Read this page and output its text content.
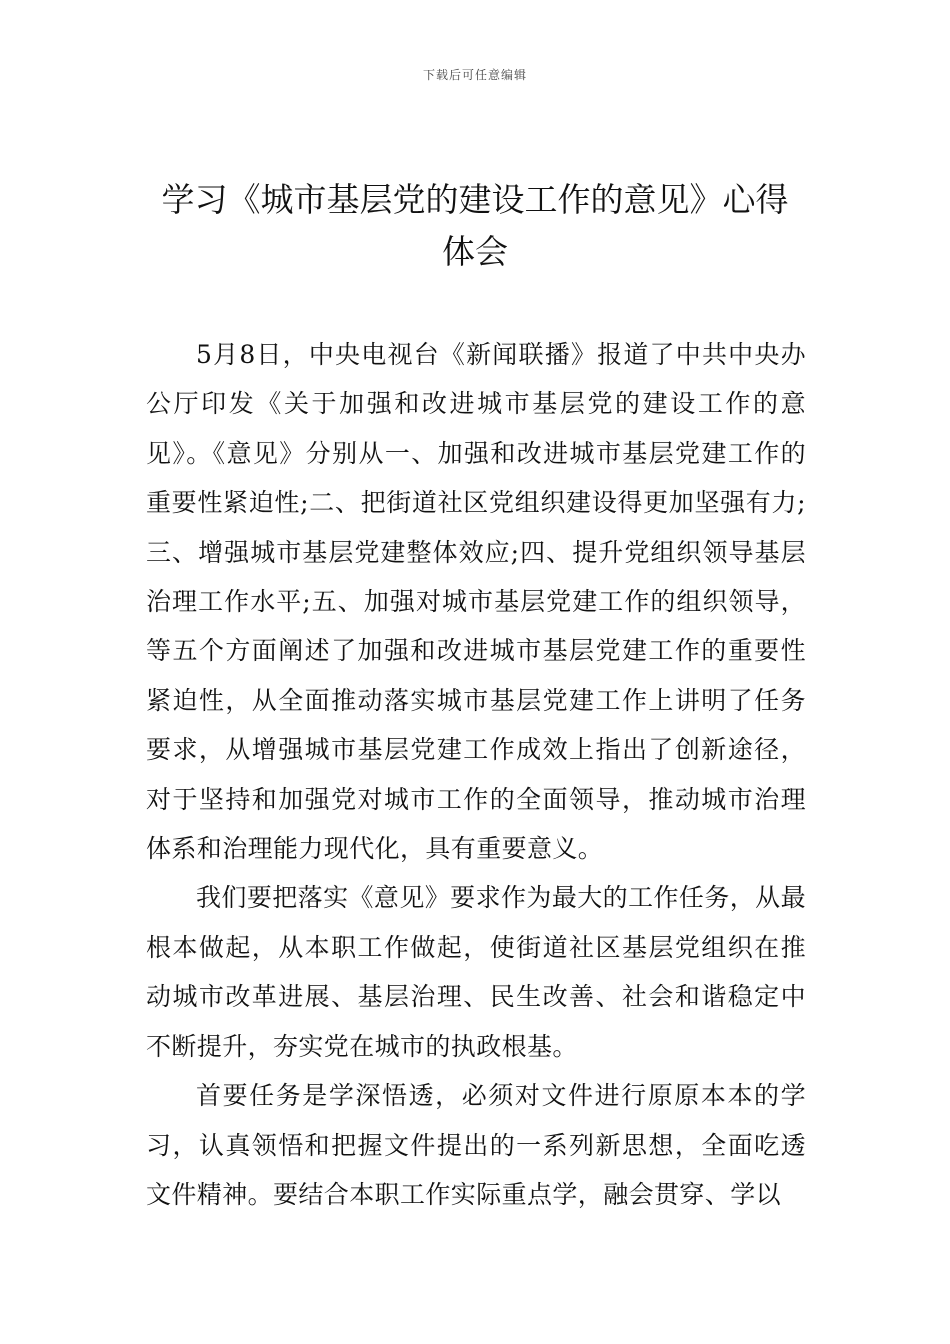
下载后可任意编辑
学习《城市基层党的建设工作的意见》心得体会

5月8日，中央电视台《新闻联播》报道了中共中央办公厅印发《关于加强和改进城市基层党的建设工作的意见》。《意见》分别从一、加强和改进城市基层党建工作的重要性紧迫性;二、把街道社区党组织建设得更加坚强有力;三、增强城市基层党建整体效应;四、提升党组织领导基层治理工作水平;五、加强对城市基层党建工作的组织领导，等五个方面阐述了加强和改进城市基层党建工作的重要性紧迫性，从全面推动落实城市基层党建工作上讲明了任务要求，从增强城市基层党建工作成效上指出了创新途径，对于坚持和加强党对城市工作的全面领导，推动城市治理体系和治理能力现代化，具有重要意义。

我们要把落实《意见》要求作为最大的工作任务，从最根本做起，从本职工作做起，使街道社区基层党组织在推动城市改革进展、基层治理、民生改善、社会和谐稳定中不断提升，夯实党在城市的执政根基。

首要任务是学深悟透，必须对文件进行原原本本的学习，认真领悟和把握文件提出的一系列新思想，全面吃透文件精神。要结合本职工作实际重点学，融会贯穿、学以
